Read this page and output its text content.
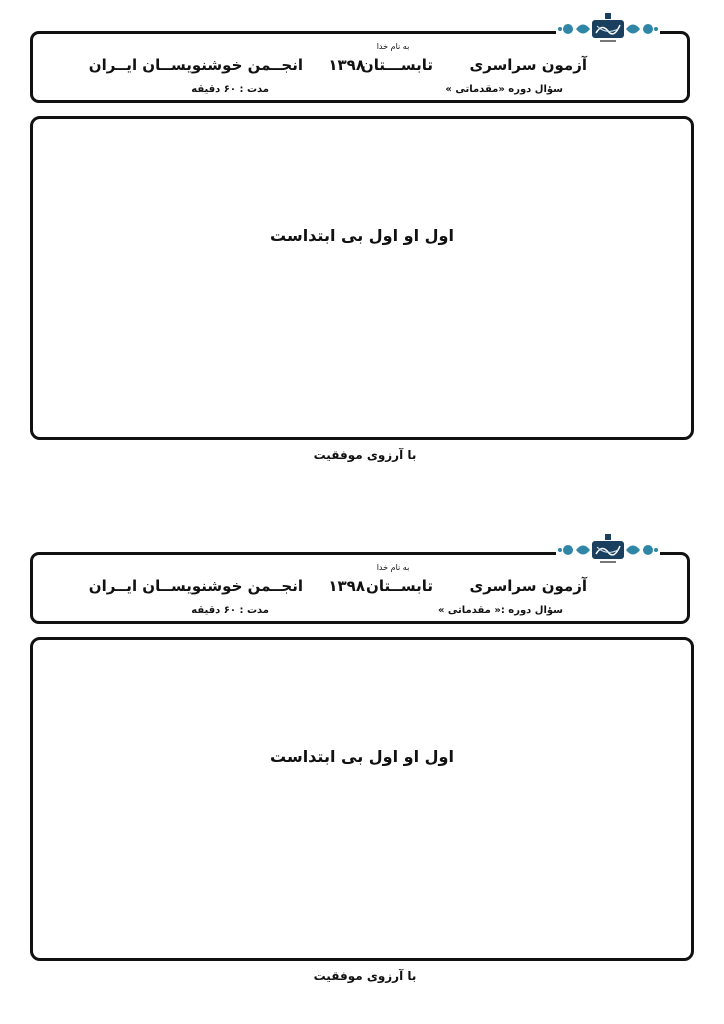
به نام خدا
آزمون سراسری
تابســـتان
۱۳۹۸
انجــمن خوشنویســان ایــران
سؤال دوره «مقدماتی »
مدت : ۶۰ دقیقه
اول او اول بی ابتداست
با آرزوی موفقیت
به نام خدا
آزمون سراسری
تابســتان
۱۳۹۸
انجــمن خوشنویســان ایــران
سؤال دوره :« مقدماتی »
مدت : ۶۰ دقیقه
اول او اول بی ابتداست
با آرزوی موفقیت
